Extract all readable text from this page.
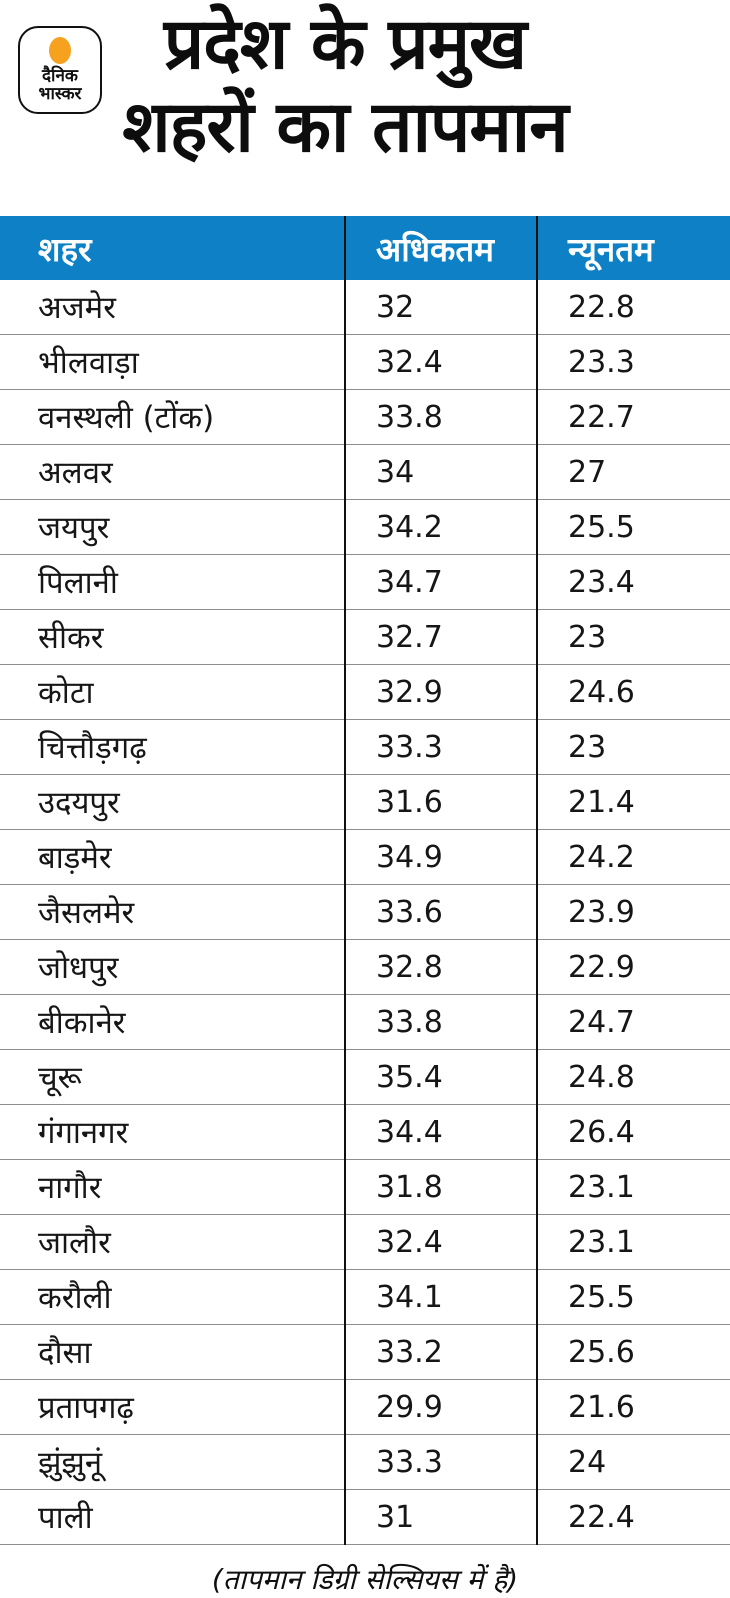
दैनिक
भास्कर
प्रदेश के प्रमुख
शहरों का तापमान
शहर	अधिकतम	न्यूनतम
अजमेर	32	22.8
भीलवाड़ा	32.4	23.3
वनस्थली (टोंक)	33.8	22.7
अलवर	34	27
जयपुर	34.2	25.5
पिलानी	34.7	23.4
सीकर	32.7	23
कोटा	32.9	24.6
चित्तौड़गढ़	33.3	23
उदयपुर	31.6	21.4
बाड़मेर	34.9	24.2
जैसलमेर	33.6	23.9
जोधपुर	32.8	22.9
बीकानेर	33.8	24.7
चूरू	35.4	24.8
गंगानगर	34.4	26.4
नागौर	31.8	23.1
जालौर	32.4	23.1
करौली	34.1	25.5
दौसा	33.2	25.6
प्रतापगढ़	29.9	21.6
झुंझुनूं	33.3	24
पाली	31	22.4
(तापमान डिग्री सेल्सियस में है)
